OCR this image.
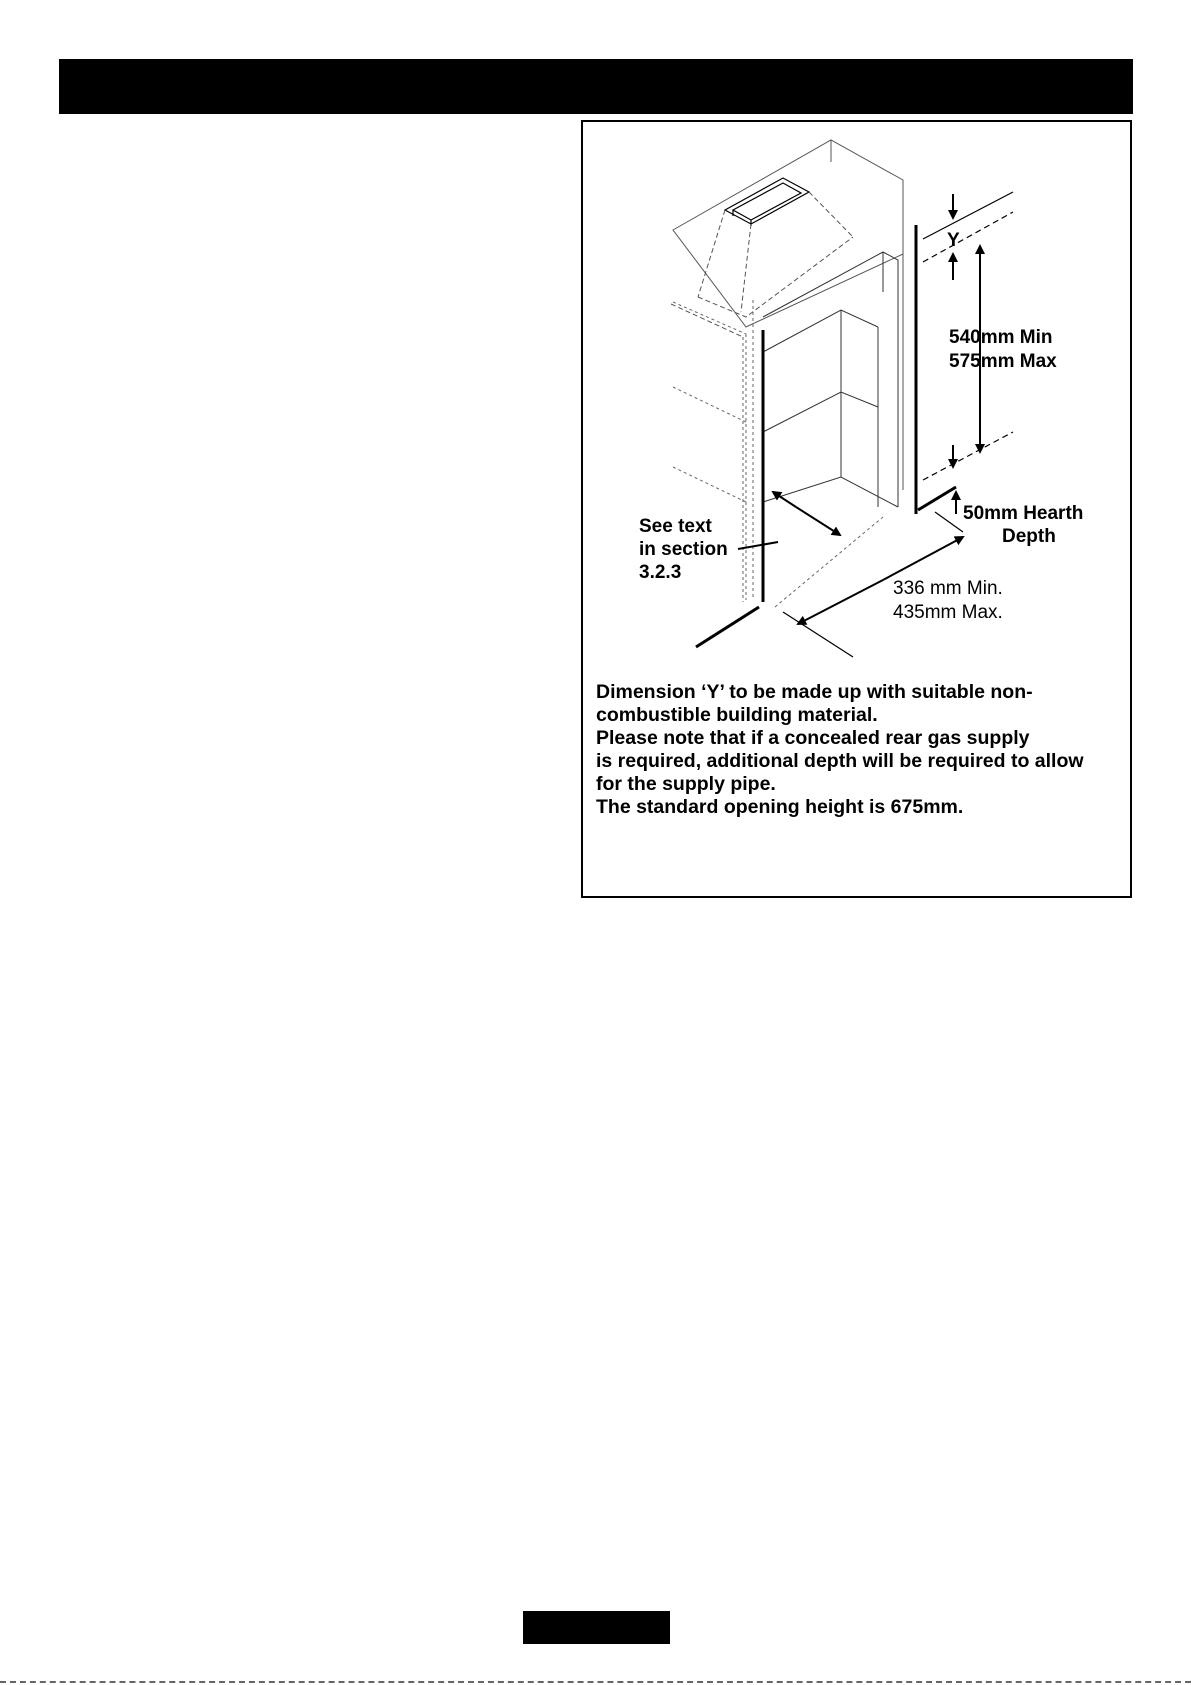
Y
540mm Min
575mm Max
50mm Hearth
Depth
See text
in section
3.2.3
336 mm Min.
435mm Max.
Dimension ‘Y’ to be made up with suitable non-
combustible building material.
Please note that if a concealed rear gas supply
is required, additional depth will be required to allow
for the supply pipe.
The standard opening height is 675mm.
